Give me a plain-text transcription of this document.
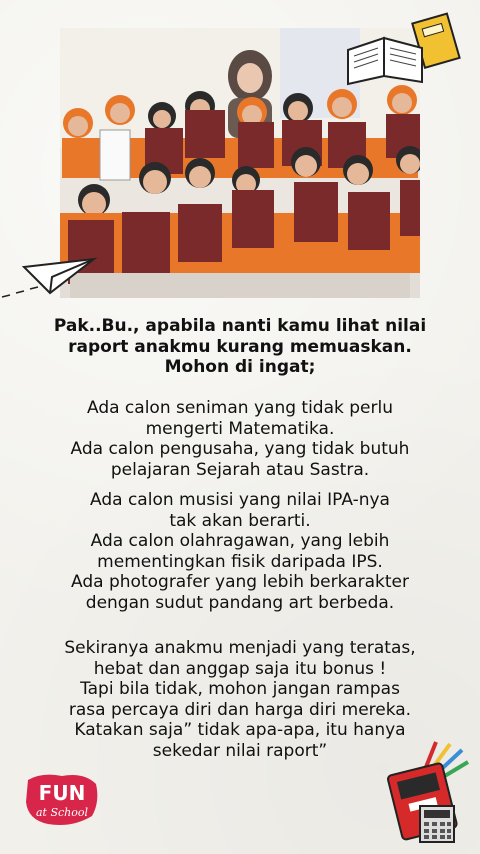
Pak..Bu., apabila nanti kamu lihat nilai
raport anakmu kurang memuaskan.
Mohon di ingat;

Ada calon seniman yang tidak perlu
mengerti Matematika.
Ada calon pengusaha, yang tidak butuh
pelajaran Sejarah atau Sastra.

Ada calon musisi yang nilai IPA-nya
tak akan berarti.
Ada calon olahragawan, yang lebih
mementingkan fisik daripada IPS.
Ada photografer yang lebih berkarakter
dengan sudut pandang art berbeda.

Sekiranya anakmu menjadi yang teratas,
hebat dan anggap saja itu bonus !
Tapi bila tidak, mohon jangan rampas
rasa percaya diri dan harga diri mereka.
Katakan saja” tidak apa-apa, itu hanya
sekedar nilai raport”

FUN
at School
